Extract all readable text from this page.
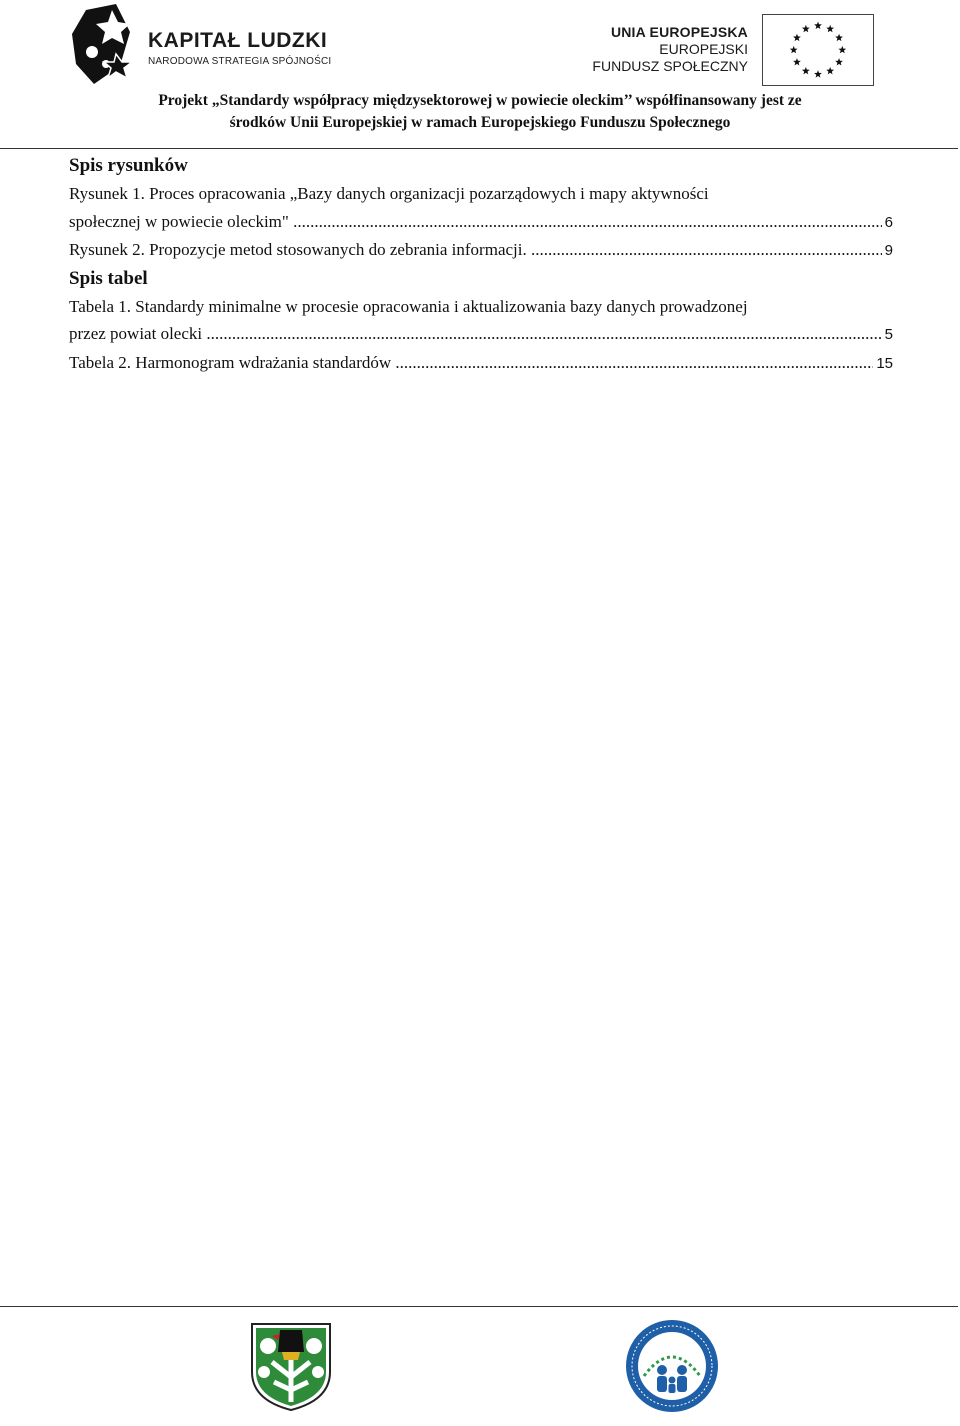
KAPITAŁ LUDZKI
NARODOWA STRATEGIA SPÓJNOŚCI
UNIA EUROPEJSKA
EUROPEJSKI
FUNDUSZ SPOŁECZNY
Projekt „Standardy współpracy międzysektorowej w powiecie oleckim’’ współfinansowany jest ze
środków Unii Europejskiej w ramach Europejskiego Funduszu Społecznego
Spis rysunków
Rysunek 1. Proces opracowania „Bazy danych organizacji pozarządowych i mapy aktywności
społecznej w powiecie oleckim" .....	6
Rysunek 2. Propozycje metod stosowanych do zebrania informacji. .....	9
Spis tabel
Tabela 1. Standardy minimalne w procesie opracowania i aktualizowania bazy danych prowadzonej
przez powiat olecki .....	5
Tabela 2. Harmonogram wdrażania standardów .....	15
